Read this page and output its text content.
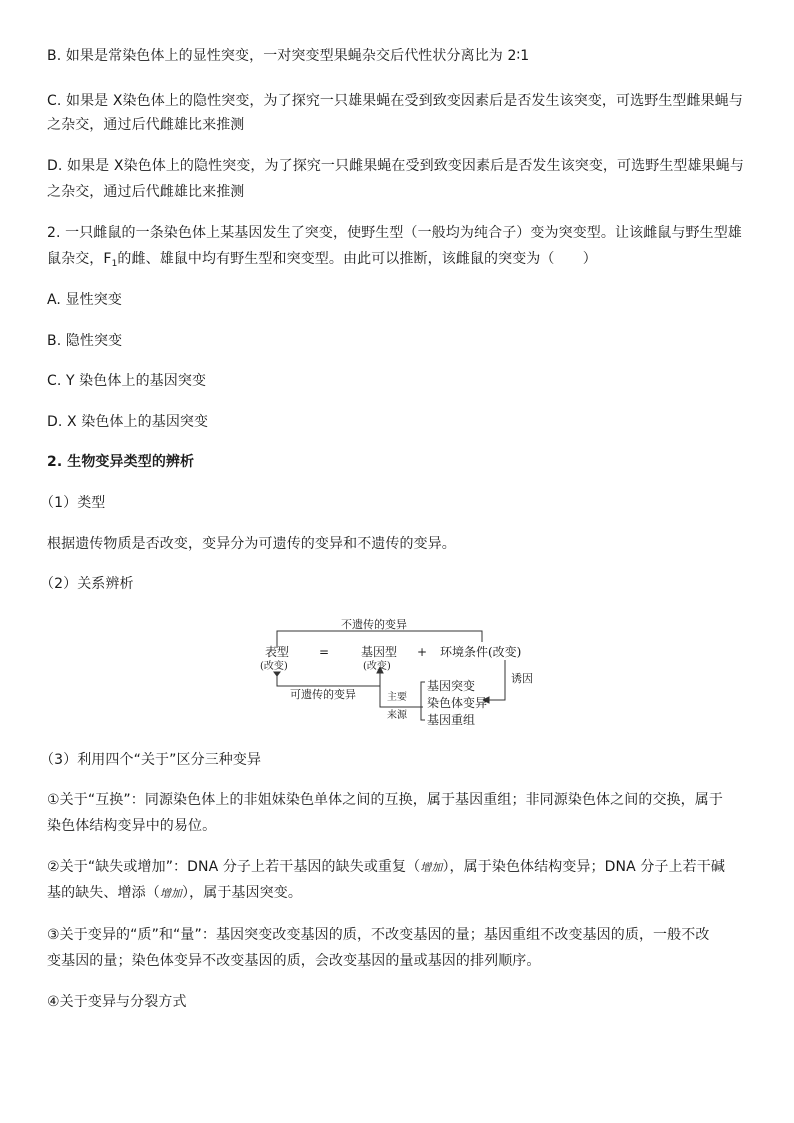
B. 如果是常染色体上的显性突变，一对突变型果蝇杂交后代性状分离比为 2∶1

C. 如果是 X染色体上的隐性突变，为了探究一只雄果蝇在受到致变因素后是否发生该突变，可选野生型雌果蝇与

之杂交，通过后代雌雄比来推测

D. 如果是 X染色体上的隐性突变，为了探究一只雌果蝇在受到致变因素后是否发生该突变，可选野生型雄果蝇与

之杂交，通过后代雌雄比来推测

2. 一只雌鼠的一条染色体上某基因发生了突变，使野生型（一般均为纯合子）变为突变型。让该雌鼠与野生型雄

鼠杂交，$F_1$的雌、雄鼠中均有野生型和突变型。由此可以推断，该雌鼠的突变为（　　）

A. 显性突变

B. 隐性突变

C. Y 染色体上的基因突变

D. X 染色体上的基因突变

2. 生物变异类型的辨析

（1）类型

根据遗传物质是否改变，变异分为可遗传的变异和不遗传的变异。

（2）关系辨析

不遗传的变异
表型
(改变)
=	基因型
(改变)
+ 环境条件(改变)
可遗传的变异	主要
来源
诱因
基因突变
染色体变异
基因重组

（3）利用四个“关于”区分三种变异

①关于“互换”：同源染色体上的非姐妹染色单体之间的互换，属于基因重组；非同源染色体之间的交换，属于

染色体结构变异中的易位。

②关于“缺失或增加”：DNA 分子上若干基因的缺失或重复（增加），属于染色体结构变异；DNA 分子上若干碱

基的缺失、增添（增加），属于基因突变。

③关于变异的“质”和“量”：基因突变改变基因的质，不改变基因的量；基因重组不改变基因的质，一般不改

变基因的量；染色体变异不改变基因的质，会改变基因的量或基因的排列顺序。

④关于变异与分裂方式
